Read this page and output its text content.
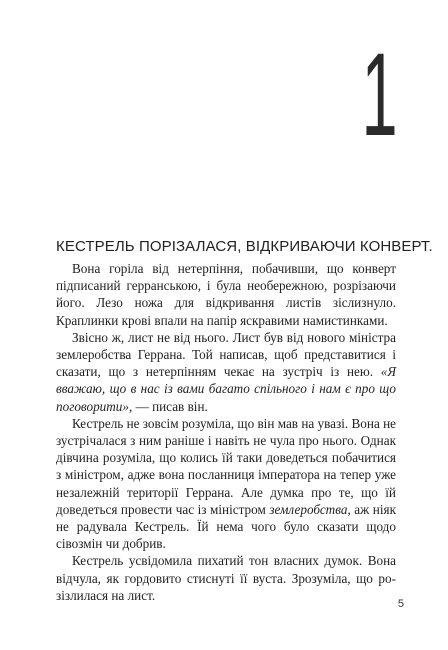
1

КЕСТРЕЛЬ ПОРІЗАЛАСЯ, ВІДКРИВАЮЧИ КОНВЕРТ.

Вона горіла від нетерпіння, побачивши, що конверт підписаний герранською, і була необережною, розрізаючи його. Лезо ножа для відкривання листів зіслизнуло. Краплинки крові впали на папір яскравими намистинками.

Звісно ж, лист не від нього. Лист був від нового міністра землеробства Геррана. Той написав, щоб представитися і сказати, що з нетерпінням чекає на зустріч із нею. «Я вважаю, що в нас із вами багато спільного і нам є про що поговорити», — писав він.

Кестрель не зовсім розуміла, що він мав на увазі. Вона не зустрічалася з ним раніше і навіть не чула про нього. Однак дівчина розуміла, що колись їй таки доведеться побачитися з міністром, адже вона посланниця імператора на тепер уже незалежній території Геррана. Але думка про те, що їй доведеться провести час із міністром землеробства, аж ніяк не радувала Кестрель. Їй нема чого було сказати щодо сівозмін чи добрив.

Кестрель усвідомила пихатий тон власних думок. Вона відчула, як гордовито стиснуті її вуста. Зрозуміла, що розізлилася на лист.

5
